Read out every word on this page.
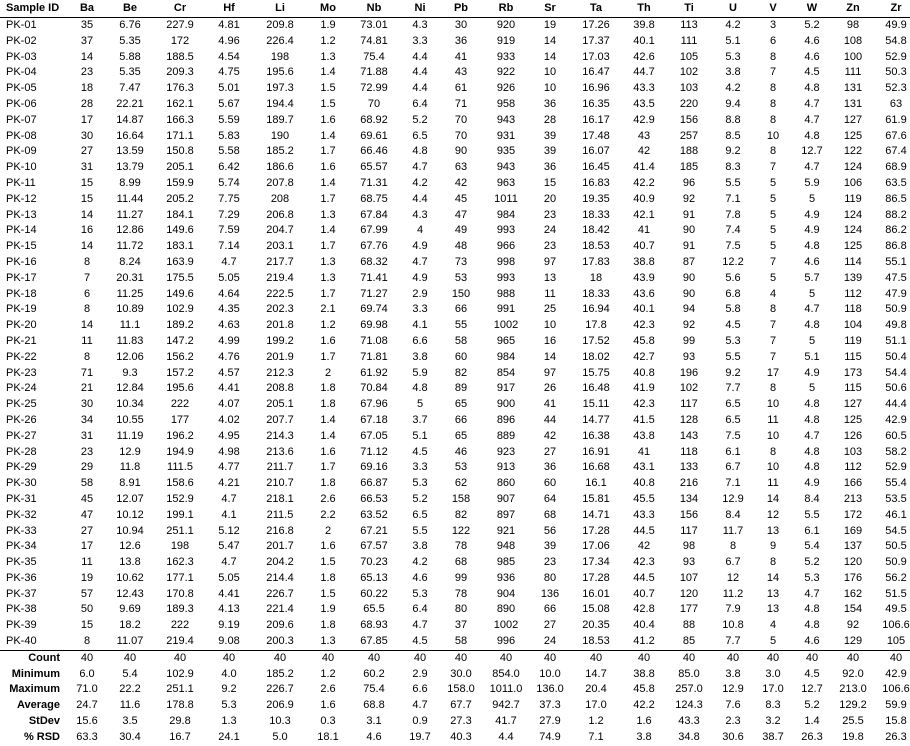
Sample ID	Ba	Be	Cr	Hf	Li	Mo	Nb	Ni	Pb	Rb	Sr	Ta	Th	Ti	U	V	W	Zn	Zr
PK-01	35	6.76	227.9	4.81	209.8	1.9	73.01	4.3	30	920	19	17.26	39.8	113	4.2	3	5.2	98	49.9
PK-02	37	5.35	172	4.96	226.4	1.2	74.81	3.3	36	919	14	17.37	40.1	111	5.1	6	4.6	108	54.8
PK-03	14	5.88	188.5	4.54	198	1.3	75.4	4.4	41	933	14	17.03	42.6	105	5.3	8	4.6	100	52.9
PK-04	23	5.35	209.3	4.75	195.6	1.4	71.88	4.4	43	922	10	16.47	44.7	102	3.8	7	4.5	111	50.3
PK-05	18	7.47	176.3	5.01	197.3	1.5	72.99	4.4	61	926	10	16.96	43.3	103	4.2	8	4.8	131	52.3
PK-06	28	22.21	162.1	5.67	194.4	1.5	70	6.4	71	958	36	16.35	43.5	220	9.4	8	4.7	131	63
PK-07	17	14.87	166.3	5.59	189.7	1.6	68.92	5.2	70	943	28	16.17	42.9	156	8.8	8	4.7	127	61.9
PK-08	30	16.64	171.1	5.83	190	1.4	69.61	6.5	70	931	39	17.48	43	257	8.5	10	4.8	125	67.6
PK-09	27	13.59	150.8	5.58	185.2	1.7	66.46	4.8	90	935	39	16.07	42	188	9.2	8	12.7	122	67.4
PK-10	31	13.79	205.1	6.42	186.6	1.6	65.57	4.7	63	943	36	16.45	41.4	185	8.3	7	4.7	124	68.9
PK-11	15	8.99	159.9	5.74	207.8	1.4	71.31	4.2	42	963	15	16.83	42.2	96	5.5	5	5.9	106	63.5
PK-12	15	11.44	205.2	7.75	208	1.7	68.75	4.4	45	1011	20	19.35	40.9	92	7.1	5	5	119	86.5
PK-13	14	11.27	184.1	7.29	206.8	1.3	67.84	4.3	47	984	23	18.33	42.1	91	7.8	5	4.9	124	88.2
PK-14	16	12.86	149.6	7.59	204.7	1.4	67.99	4	49	993	24	18.42	41	90	7.4	5	4.9	124	86.2
PK-15	14	11.72	183.1	7.14	203.1	1.7	67.76	4.9	48	966	23	18.53	40.7	91	7.5	5	4.8	125	86.8
PK-16	8	8.24	163.9	4.7	217.7	1.3	68.32	4.7	73	998	97	17.83	38.8	87	12.2	7	4.6	114	55.1
PK-17	7	20.31	175.5	5.05	219.4	1.3	71.41	4.9	53	993	13	18	43.9	90	5.6	5	5.7	139	47.5
PK-18	6	11.25	149.6	4.64	222.5	1.7	71.27	2.9	150	988	11	18.33	43.6	90	6.8	4	5	112	47.9
PK-19	8	10.89	102.9	4.35	202.3	2.1	69.74	3.3	66	991	25	16.94	40.1	94	5.8	8	4.7	118	50.9
PK-20	14	11.1	189.2	4.63	201.8	1.2	69.98	4.1	55	1002	10	17.8	42.3	92	4.5	7	4.8	104	49.8
PK-21	11	11.83	147.2	4.99	199.2	1.6	71.08	6.6	58	965	16	17.52	45.8	99	5.3	7	5	119	51.1
PK-22	8	12.06	156.2	4.76	201.9	1.7	71.81	3.8	60	984	14	18.02	42.7	93	5.5	7	5.1	115	50.4
PK-23	71	9.3	157.2	4.57	212.3	2	61.92	5.9	82	854	97	15.75	40.8	196	9.2	17	4.9	173	54.4
PK-24	21	12.84	195.6	4.41	208.8	1.8	70.84	4.8	89	917	26	16.48	41.9	102	7.7	8	5	115	50.6
PK-25	30	10.34	222	4.07	205.1	1.8	67.96	5	65	900	41	15.11	42.3	117	6.5	10	4.8	127	44.4
PK-26	34	10.55	177	4.02	207.7	1.4	67.18	3.7	66	896	44	14.77	41.5	128	6.5	11	4.8	125	42.9
PK-27	31	11.19	196.2	4.95	214.3	1.4	67.05	5.1	65	889	42	16.38	43.8	143	7.5	10	4.7	126	60.5
PK-28	23	12.9	194.9	4.98	213.6	1.6	71.12	4.5	46	923	27	16.91	41	118	6.1	8	4.8	103	58.2
PK-29	29	11.8	111.5	4.77	211.7	1.7	69.16	3.3	53	913	36	16.68	43.1	133	6.7	10	4.8	112	52.9
PK-30	58	8.91	158.6	4.21	210.7	1.8	66.87	5.3	62	860	60	16.1	40.8	216	7.1	11	4.9	166	55.4
PK-31	45	12.07	152.9	4.7	218.1	2.6	66.53	5.2	158	907	64	15.81	45.5	134	12.9	14	8.4	213	53.5
PK-32	47	10.12	199.1	4.1	211.5	2.2	63.52	6.5	82	897	68	14.71	43.3	156	8.4	12	5.5	172	46.1
PK-33	27	10.94	251.1	5.12	216.8	2	67.21	5.5	122	921	56	17.28	44.5	117	11.7	13	6.1	169	54.5
PK-34	17	12.6	198	5.47	201.7	1.6	67.57	3.8	78	948	39	17.06	42	98	8	9	5.4	137	50.5
PK-35	11	13.8	162.3	4.7	204.2	1.5	70.23	4.2	68	985	23	17.34	42.3	93	6.7	8	5.2	120	50.9
PK-36	19	10.62	177.1	5.05	214.4	1.8	65.13	4.6	99	936	80	17.28	44.5	107	12	14	5.3	176	56.2
PK-37	57	12.43	170.8	4.41	226.7	1.5	60.22	5.3	78	904	136	16.01	40.7	120	11.2	13	4.7	162	51.5
PK-38	50	9.69	189.3	4.13	221.4	1.9	65.5	6.4	80	890	66	15.08	42.8	177	7.9	13	4.8	154	49.5
PK-39	15	18.2	222	9.19	209.6	1.8	68.93	4.7	37	1002	27	20.35	40.4	88	10.8	4	4.8	92	106.6
PK-40	8	11.07	219.4	9.08	200.3	1.3	67.85	4.5	58	996	24	18.53	41.2	85	7.7	5	4.6	129	105
Count	40	40	40	40	40	40	40	40	40	40	40	40	40	40	40	40	40	40	40
Minimum	6.0	5.4	102.9	4.0	185.2	1.2	60.2	2.9	30.0	854.0	10.0	14.7	38.8	85.0	3.8	3.0	4.5	92.0	42.9
Maximum	71.0	22.2	251.1	9.2	226.7	2.6	75.4	6.6	158.0	1011.0	136.0	20.4	45.8	257.0	12.9	17.0	12.7	213.0	106.6
Average	24.7	11.6	178.8	5.3	206.9	1.6	68.8	4.7	67.7	942.7	37.3	17.0	42.2	124.3	7.6	8.3	5.2	129.2	59.9
StDev	15.6	3.5	29.8	1.3	10.3	0.3	3.1	0.9	27.3	41.7	27.9	1.2	1.6	43.3	2.3	3.2	1.4	25.5	15.8
% RSD	63.3	30.4	16.7	24.1	5.0	18.1	4.6	19.7	40.3	4.4	74.9	7.1	3.8	34.8	30.6	38.7	26.3	19.8	26.3
